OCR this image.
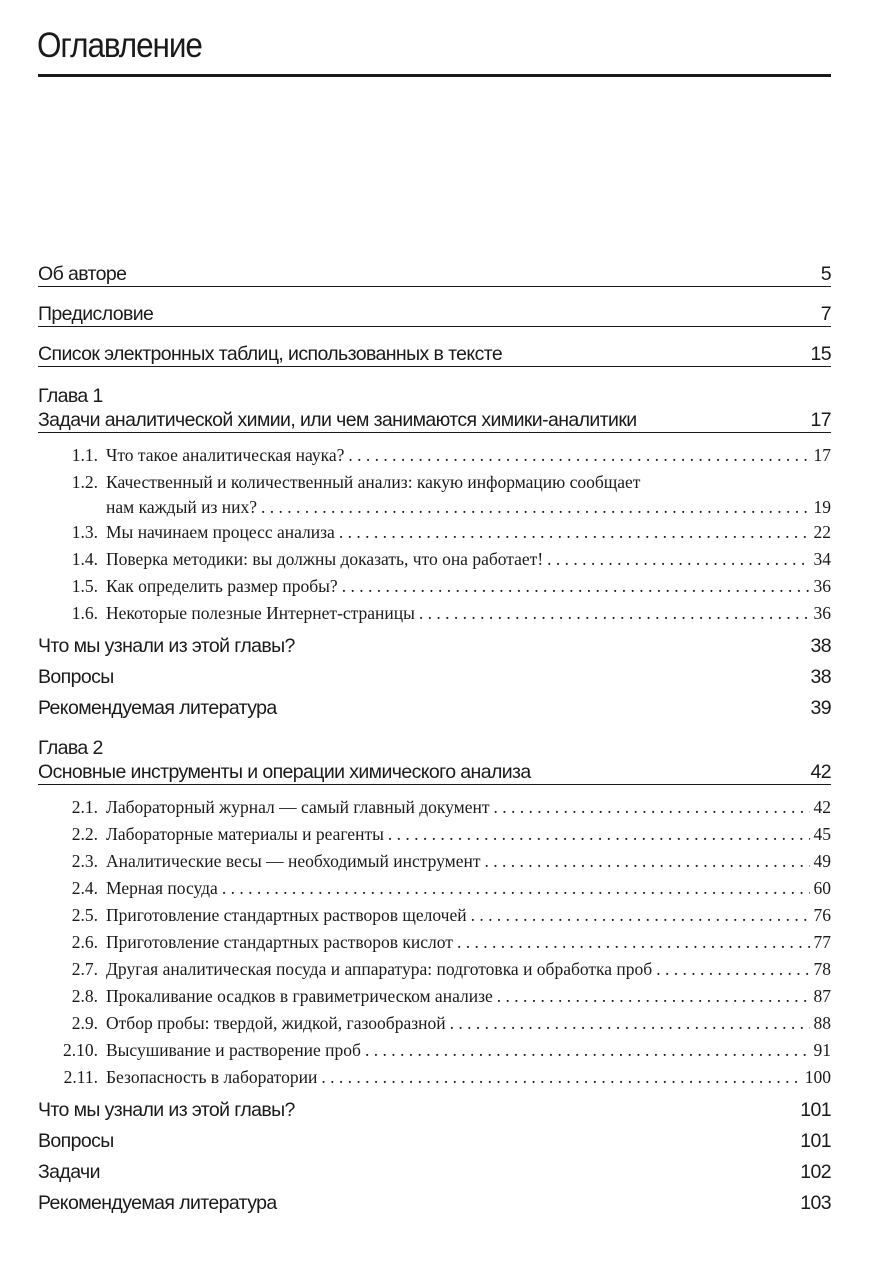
Оглавление
Об авторе	5
Предисловие	7
Список электронных таблиц, использованных в тексте	15
Глава 1
Задачи аналитической химии, или чем занимаются химики-аналитики	17
1.1. Что такое аналитическая наука? . . .	17
1.2. Качественный и количественный анализ: какую информацию сообщает
нам каждый из них? . . .	19
1.3. Мы начинаем процесс анализа . . .	22
1.4. Поверка методики: вы должны доказать, что она работает! . . .	34
1.5. Как определить размер пробы? . . .	36
1.6. Некоторые полезные Интернет-страницы . . .	36
Что мы узнали из этой главы?	38
Вопросы	38
Рекомендуемая литература	39
Глава 2
Основные инструменты и операции химического анализа	42
2.1. Лабораторный журнал — самый главный документ . . .	42
2.2. Лабораторные материалы и реагенты . . .	45
2.3. Аналитические весы — необходимый инструмент . . .	49
2.4. Мерная посуда . . .	60
2.5. Приготовление стандартных растворов щелочей . . .	76
2.6. Приготовление стандартных растворов кислот . . .	77
2.7. Другая аналитическая посуда и аппаратура: подготовка и обработка проб . . .	78
2.8. Прокаливание осадков в гравиметрическом анализе . . .	87
2.9. Отбор пробы: твердой, жидкой, газообразной . . .	88
2.10. Высушивание и растворение проб . . .	91
2.11. Безопасность в лаборатории . . .	100
Что мы узнали из этой главы?	101
Вопросы	101
Задачи	102
Рекомендуемая литература	103
